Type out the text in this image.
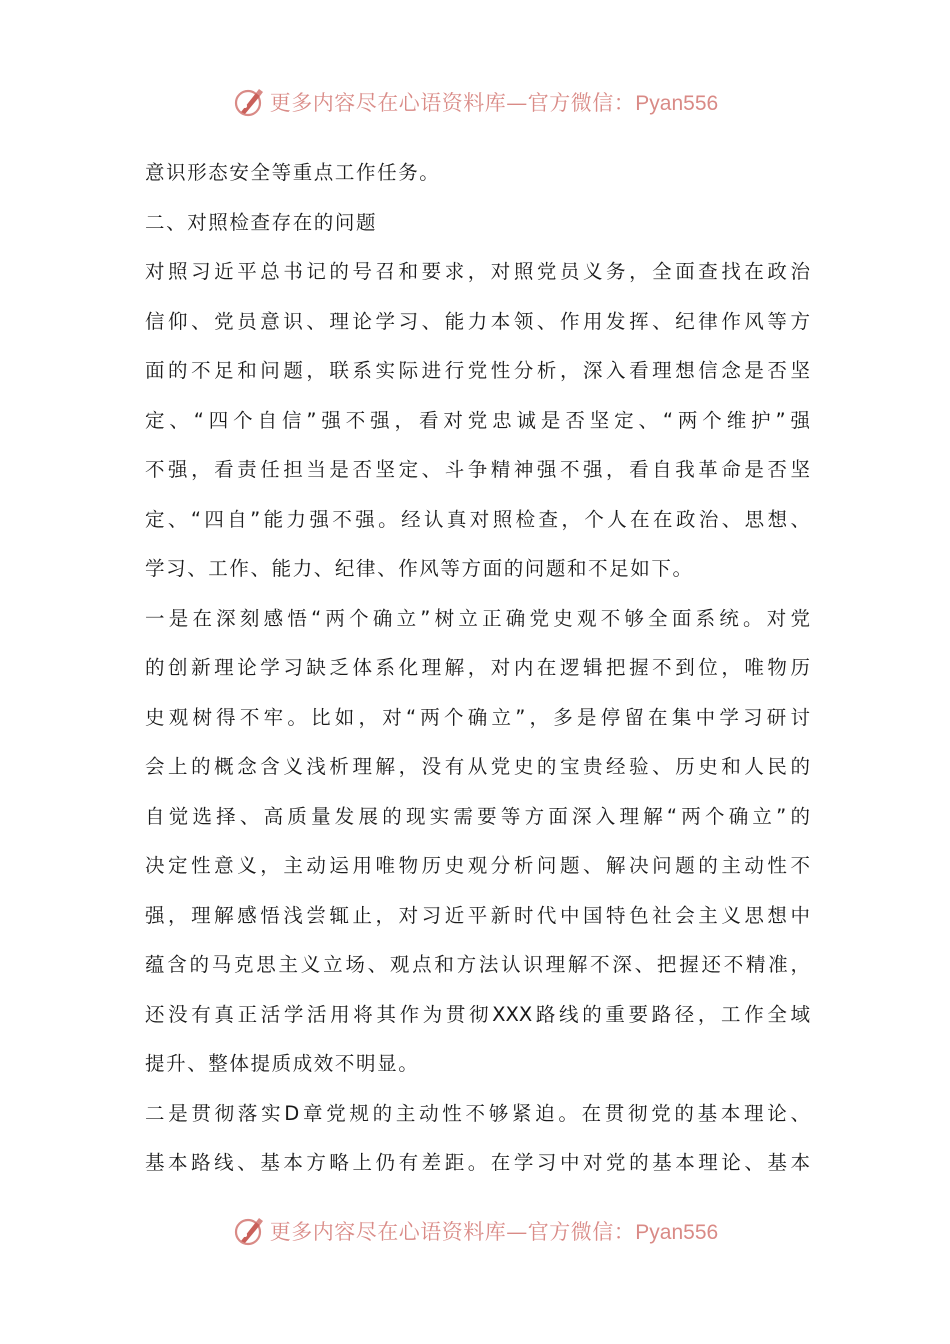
更多内容尽在心语资料库—官方微信：Pyan556
意识形态安全等重点工作任务。
二、对照检查存在的问题
对照习近平总书记的号召和要求，对照党员义务，全面查找在政治
信仰、党员意识、理论学习、能力本领、作用发挥、纪律作风等方
面的不足和问题，联系实际进行党性分析，深入看理想信念是否坚
定、“四个自信”强不强，看对党忠诚是否坚定、“两个维护”强
不强，看责任担当是否坚定、斗争精神强不强，看自我革命是否坚
定、“四自”能力强不强。经认真对照检查，个人在在政治、思想、
学习、工作、能力、纪律、作风等方面的问题和不足如下。
一是在深刻感悟“两个确立”树立正确党史观不够全面系统。对党
的创新理论学习缺乏体系化理解，对内在逻辑把握不到位，唯物历
史观树得不牢。比如，对“两个确立”，多是停留在集中学习研讨
会上的概念含义浅析理解，没有从党史的宝贵经验、历史和人民的
自觉选择、高质量发展的现实需要等方面深入理解“两个确立”的
决定性意义，主动运用唯物历史观分析问题、解决问题的主动性不
强，理解感悟浅尝辄止，对习近平新时代中国特色社会主义思想中
蕴含的马克思主义立场、观点和方法认识理解不深、把握还不精准，
还没有真正活学活用将其作为贯彻XXX路线的重要路径，工作全域
提升、整体提质成效不明显。
二是贯彻落实D章党规的主动性不够紧迫。在贯彻党的基本理论、
基本路线、基本方略上仍有差距。在学习中对党的基本理论、基本
更多内容尽在心语资料库—官方微信：Pyan556
